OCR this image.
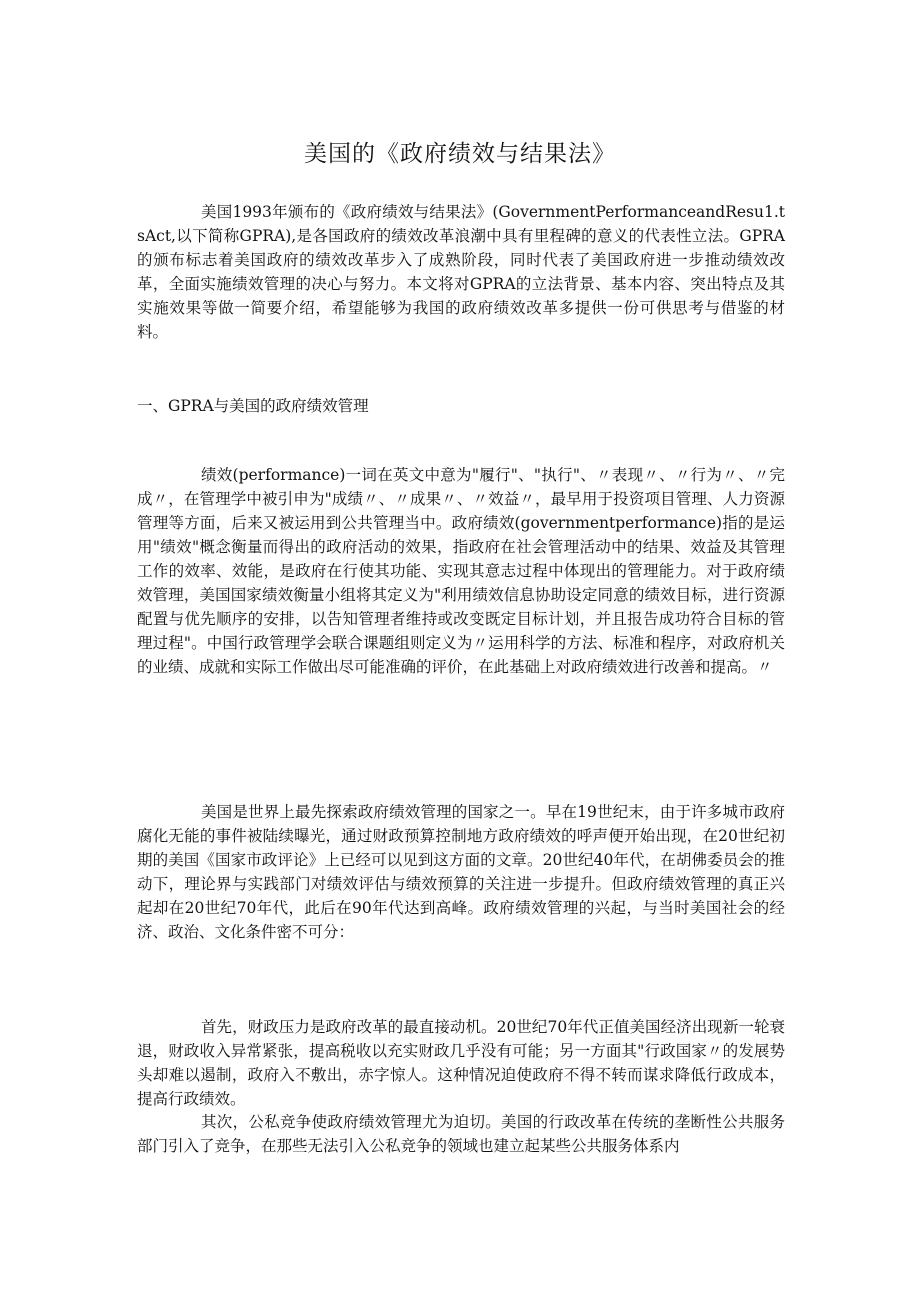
美国的《政府绩效与结果法》

美国1993年颁布的《政府绩效与结果法》(GovernmentPerformanceandResu1.tsAct,以下简称GPRA),是各国政府的绩效改革浪潮中具有里程碑的意义的代表性立法。GPRA的颁布标志着美国政府的绩效改革步入了成熟阶段，同时代表了美国政府进一步推动绩效改革，全面实施绩效管理的决心与努力。本文将对GPRA的立法背景、基本内容、突出特点及其实施效果等做一简要介绍，希望能够为我国的政府绩效改革多提供一份可供思考与借鉴的材料。

一、GPRA与美国的政府绩效管理

绩效(performance)一词在英文中意为"履行"、"执行"、〃表现〃、〃行为〃、〃完成〃，在管理学中被引申为"成绩〃、〃成果〃、〃效益〃，最早用于投资项目管理、人力资源管理等方面，后来又被运用到公共管理当中。政府绩效(governmentperformance)指的是运用"绩效"概念衡量而得出的政府活动的效果，指政府在社会管理活动中的结果、效益及其管理工作的效率、效能，是政府在行使其功能、实现其意志过程中体现出的管理能力。对于政府绩效管理，美国国家绩效衡量小组将其定义为"利用绩效信息协助设定同意的绩效目标，进行资源配置与优先顺序的安排，以告知管理者维持或改变既定目标计划，并且报告成功符合目标的管理过程"。中国行政管理学会联合课题组则定义为〃运用科学的方法、标准和程序，对政府机关的业绩、成就和实际工作做出尽可能准确的评价，在此基础上对政府绩效进行改善和提高。〃

美国是世界上最先探索政府绩效管理的国家之一。早在19世纪末，由于许多城市政府腐化无能的事件被陆续曝光，通过财政预算控制地方政府绩效的呼声便开始出现，在20世纪初期的美国《国家市政评论》上已经可以见到这方面的文章。20世纪40年代，在胡佛委员会的推动下，理论界与实践部门对绩效评估与绩效预算的关注进一步提升。但政府绩效管理的真正兴起却在20世纪70年代，此后在90年代达到高峰。政府绩效管理的兴起，与当时美国社会的经济、政治、文化条件密不可分：

首先，财政压力是政府改革的最直接动机。20世纪70年代正值美国经济出现新一轮衰退，财政收入异常紧张，提高税收以充实财政几乎没有可能；另一方面其"行政国家〃的发展势头却难以遏制，政府入不敷出，赤字惊人。这种情况迫使政府不得不转而谋求降低行政成本，提高行政绩效。

其次，公私竞争使政府绩效管理尤为迫切。美国的行政改革在传统的垄断性公共服务部门引入了竞争，在那些无法引入公私竞争的领域也建立起某些公共服务体系内
